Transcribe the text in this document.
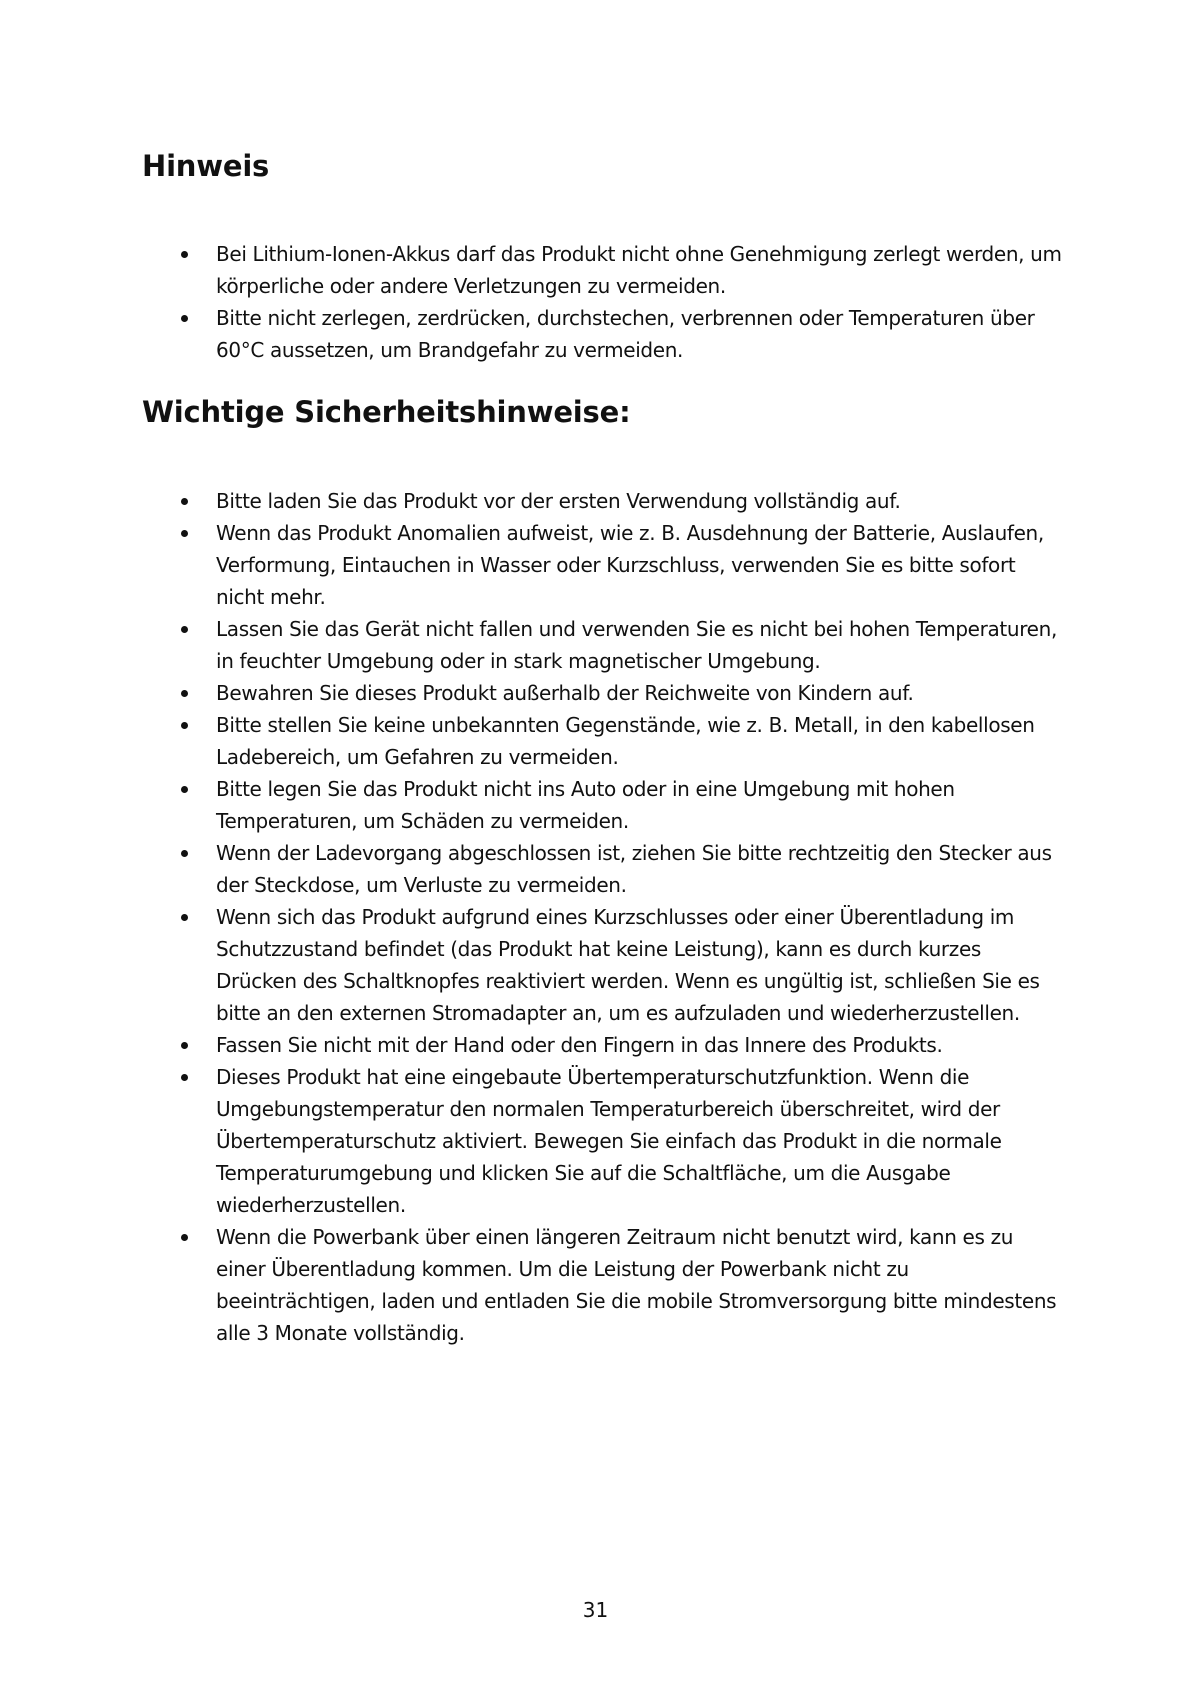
Hinweis
Bei Lithium-Ionen-Akkus darf das Produkt nicht ohne Genehmigung zerlegt werden, um körperliche oder andere Verletzungen zu vermeiden.
Bitte nicht zerlegen, zerdrücken, durchstechen, verbrennen oder Temperaturen über 60°C aussetzen, um Brandgefahr zu vermeiden.
Wichtige Sicherheitshinweise:
Bitte laden Sie das Produkt vor der ersten Verwendung vollständig auf.
Wenn das Produkt Anomalien aufweist, wie z. B. Ausdehnung der Batterie, Auslaufen, Verformung, Eintauchen in Wasser oder Kurzschluss, verwenden Sie es bitte sofort nicht mehr.
Lassen Sie das Gerät nicht fallen und verwenden Sie es nicht bei hohen Temperaturen, in feuchter Umgebung oder in stark magnetischer Umgebung.
Bewahren Sie dieses Produkt außerhalb der Reichweite von Kindern auf.
Bitte stellen Sie keine unbekannten Gegenstände, wie z. B. Metall, in den kabellosen Ladebereich, um Gefahren zu vermeiden.
Bitte legen Sie das Produkt nicht ins Auto oder in eine Umgebung mit hohen Temperaturen, um Schäden zu vermeiden.
Wenn der Ladevorgang abgeschlossen ist, ziehen Sie bitte rechtzeitig den Stecker aus der Steckdose, um Verluste zu vermeiden.
Wenn sich das Produkt aufgrund eines Kurzschlusses oder einer Überentladung im Schutzzustand befindet (das Produkt hat keine Leistung), kann es durch kurzes Drücken des Schaltknopfes reaktiviert werden. Wenn es ungültig ist, schließen Sie es bitte an den externen Stromadapter an, um es aufzuladen und wiederherzustellen.
Fassen Sie nicht mit der Hand oder den Fingern in das Innere des Produkts.
Dieses Produkt hat eine eingebaute Übertemperaturschutzfunktion. Wenn die Umgebungstemperatur den normalen Temperaturbereich überschreitet, wird der Übertemperaturschutz aktiviert. Bewegen Sie einfach das Produkt in die normale Temperaturumgebung und klicken Sie auf die Schaltfläche, um die Ausgabe wiederherzustellen.
Wenn die Powerbank über einen längeren Zeitraum nicht benutzt wird, kann es zu einer Überentladung kommen. Um die Leistung der Powerbank nicht zu beeinträchtigen, laden und entladen Sie die mobile Stromversorgung bitte mindestens alle 3 Monate vollständig.
31
